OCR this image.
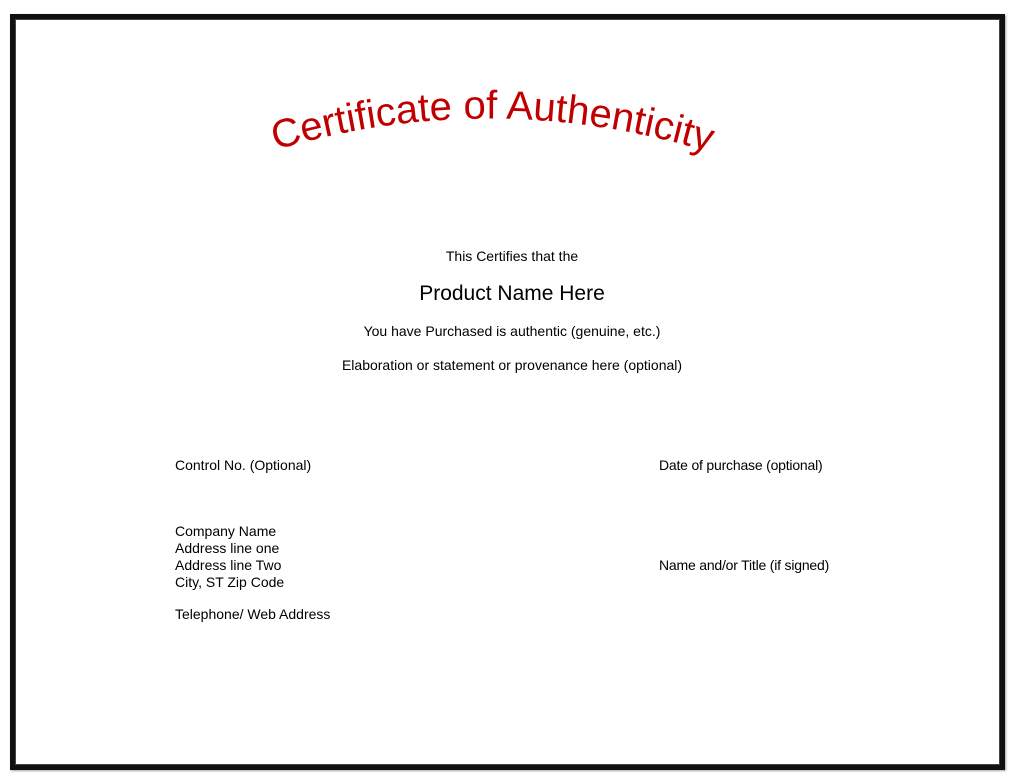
Certificate of Authenticity
This Certifies that the
Product Name Here
You have Purchased is authentic (genuine, etc.)
Elaboration or statement or provenance here (optional)
Control No. (Optional)	Date of purchase (optional)
Company Name
Address line one
Address line Two
City, ST Zip Code
Telephone/ Web Address
Name and/or Title (if signed)
